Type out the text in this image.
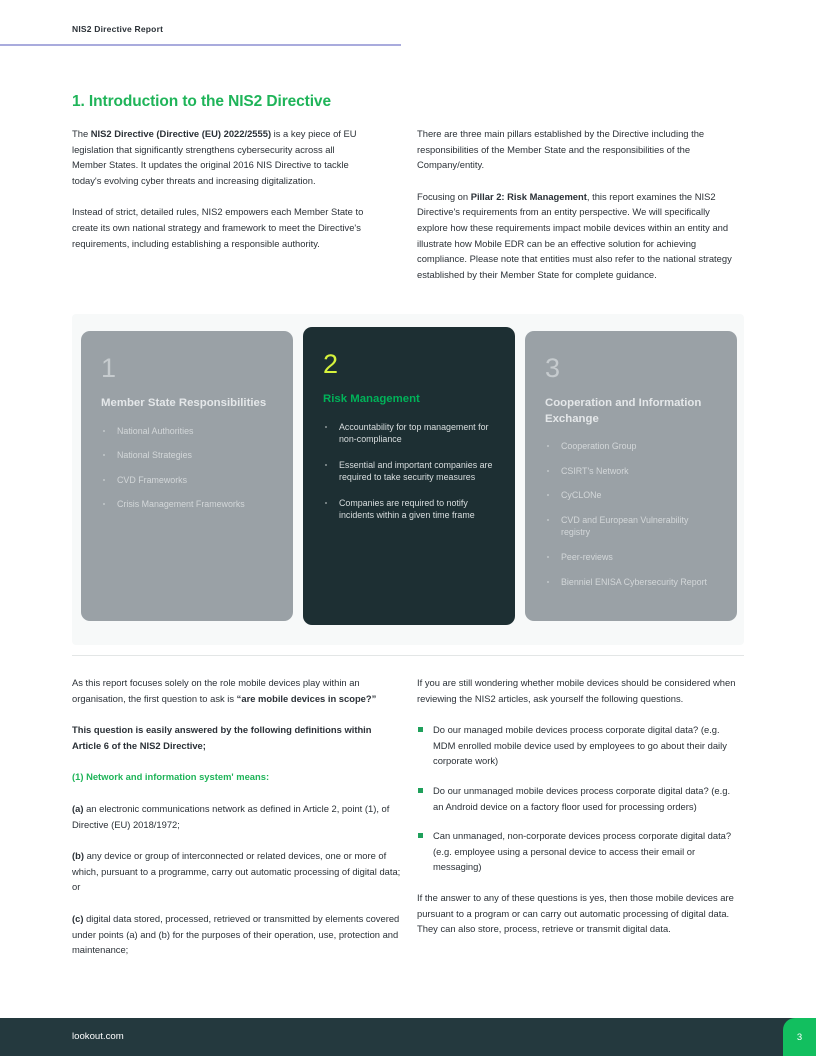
NIS2 Directive Report
1. Introduction to the NIS2 Directive

The NIS2 Directive (Directive (EU) 2022/2555) is a key piece of EU legislation that significantly strengthens cybersecurity across all Member States. It updates the original 2016 NIS Directive to tackle today's evolving cyber threats and increasing digitalization.

Instead of strict, detailed rules, NIS2 empowers each Member State to create its own national strategy and framework to meet the Directive's requirements, including establishing a responsible authority.

There are three main pillars established by the Directive including the responsibilities of the Member State and the responsibilities of the Company/entity.

Focusing on Pillar 2: Risk Management, this report examines the NIS2 Directive's requirements from an entity perspective. We will specifically explore how these requirements impact mobile devices within an entity and illustrate how Mobile EDR can be an effective solution for achieving compliance. Please note that entities must also refer to the national strategy established by their Member State for complete guidance.

1
Member State Responsibilities
National Authorities
National Strategies
CVD Frameworks
Crisis Management Frameworks
2
Risk Management
Accountability for top management for non-compliance
Essential and important companies are required to take security measures
Companies are required to notify incidents within a given time frame
3
Cooperation and Information Exchange
Cooperation Group
CSIRT's Network
CyCLONe
CVD and European Vulnerability registry
Peer-reviews
Bienniel ENISA Cybersecurity Report

As this report focuses solely on the role mobile devices play within an organisation, the first question to ask is “are mobile devices in scope?”

This question is easily answered by the following definitions within Article 6 of the NIS2 Directive;

(1) Network and information system' means:

(a) an electronic communications network as defined in Article 2, point (1), of Directive (EU) 2018/1972;

(b) any device or group of interconnected or related devices, one or more of which, pursuant to a programme, carry out automatic processing of digital data; or

(c) digital data stored, processed, retrieved or transmitted by elements covered under points (a) and (b) for the purposes of their operation, use, protection and maintenance;

If you are still wondering whether mobile devices should be considered when reviewing the NIS2 articles, ask yourself the following questions.

Do our managed mobile devices process corporate digital data? (e.g. MDM enrolled mobile device used by employees to go about their daily corporate work)
Do our unmanaged mobile devices process corporate digital data? (e.g. an Android device on a factory floor used for processing orders)
Can unmanaged, non-corporate devices process corporate digital data? (e.g. employee using a personal device to access their email or messaging)

If the answer to any of these questions is yes, then those mobile devices are pursuant to a program or can carry out automatic processing of digital data. They can also store, process, retrieve or transmit digital data.

lookout.com	3
